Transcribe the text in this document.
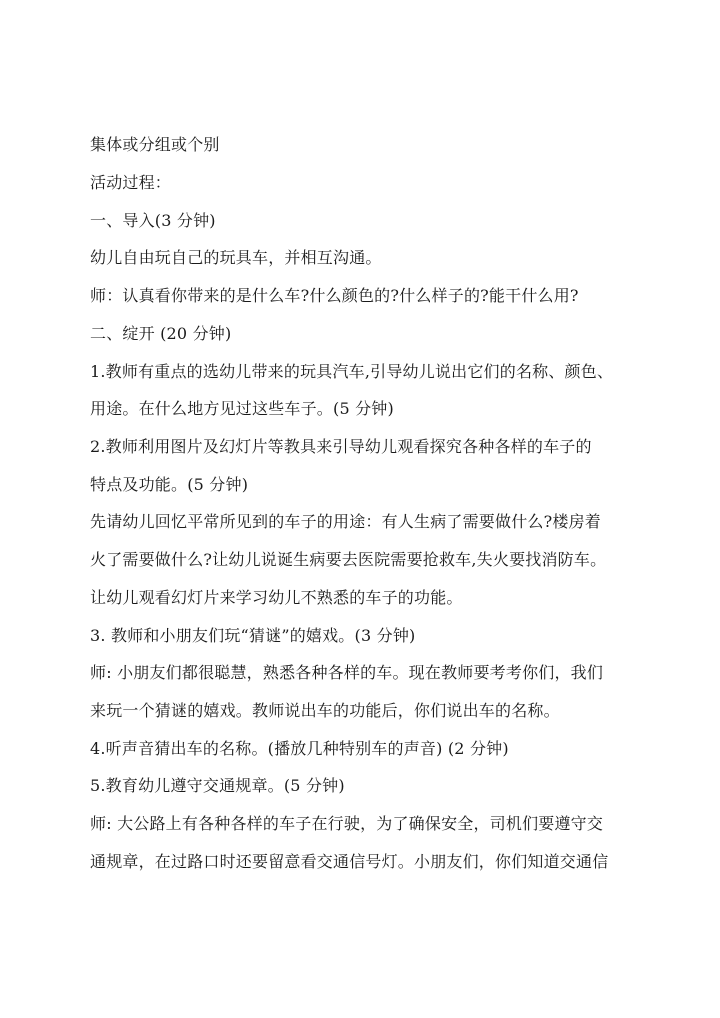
集体或分组或个别
活动过程：
一、导入(3 分钟)
幼儿自由玩自己的玩具车，并相互沟通。
师：认真看你带来的是什么车?什么颜色的?什么样子的?能干什么用?
二、绽开 (20 分钟)
1.教师有重点的选幼儿带来的玩具汽车,引导幼儿说出它们的名称、颜色、
用途。在什么地方见过这些车子。(5 分钟)
2.教师利用图片及幻灯片等教具来引导幼儿观看探究各种各样的车子的
特点及功能。(5 分钟)
先请幼儿回忆平常所见到的车子的用途：有人生病了需要做什么?楼房着
火了需要做什么?让幼儿说诞生病要去医院需要抢救车,失火要找消防车。
让幼儿观看幻灯片来学习幼儿不熟悉的车子的功能。
3. 教师和小朋友们玩“猜谜”的嬉戏。(3 分钟)
师: 小朋友们都很聪慧，熟悉各种各样的车。现在教师要考考你们，我们
来玩一个猜谜的嬉戏。教师说出车的功能后，你们说出车的名称。
4.听声音猜出车的名称。(播放几种特别车的声音) (2 分钟)
5.教育幼儿遵守交通规章。(5 分钟)
师: 大公路上有各种各样的车子在行驶，为了确保安全，司机们要遵守交
通规章，在过路口时还要留意看交通信号灯。小朋友们，你们知道交通信
